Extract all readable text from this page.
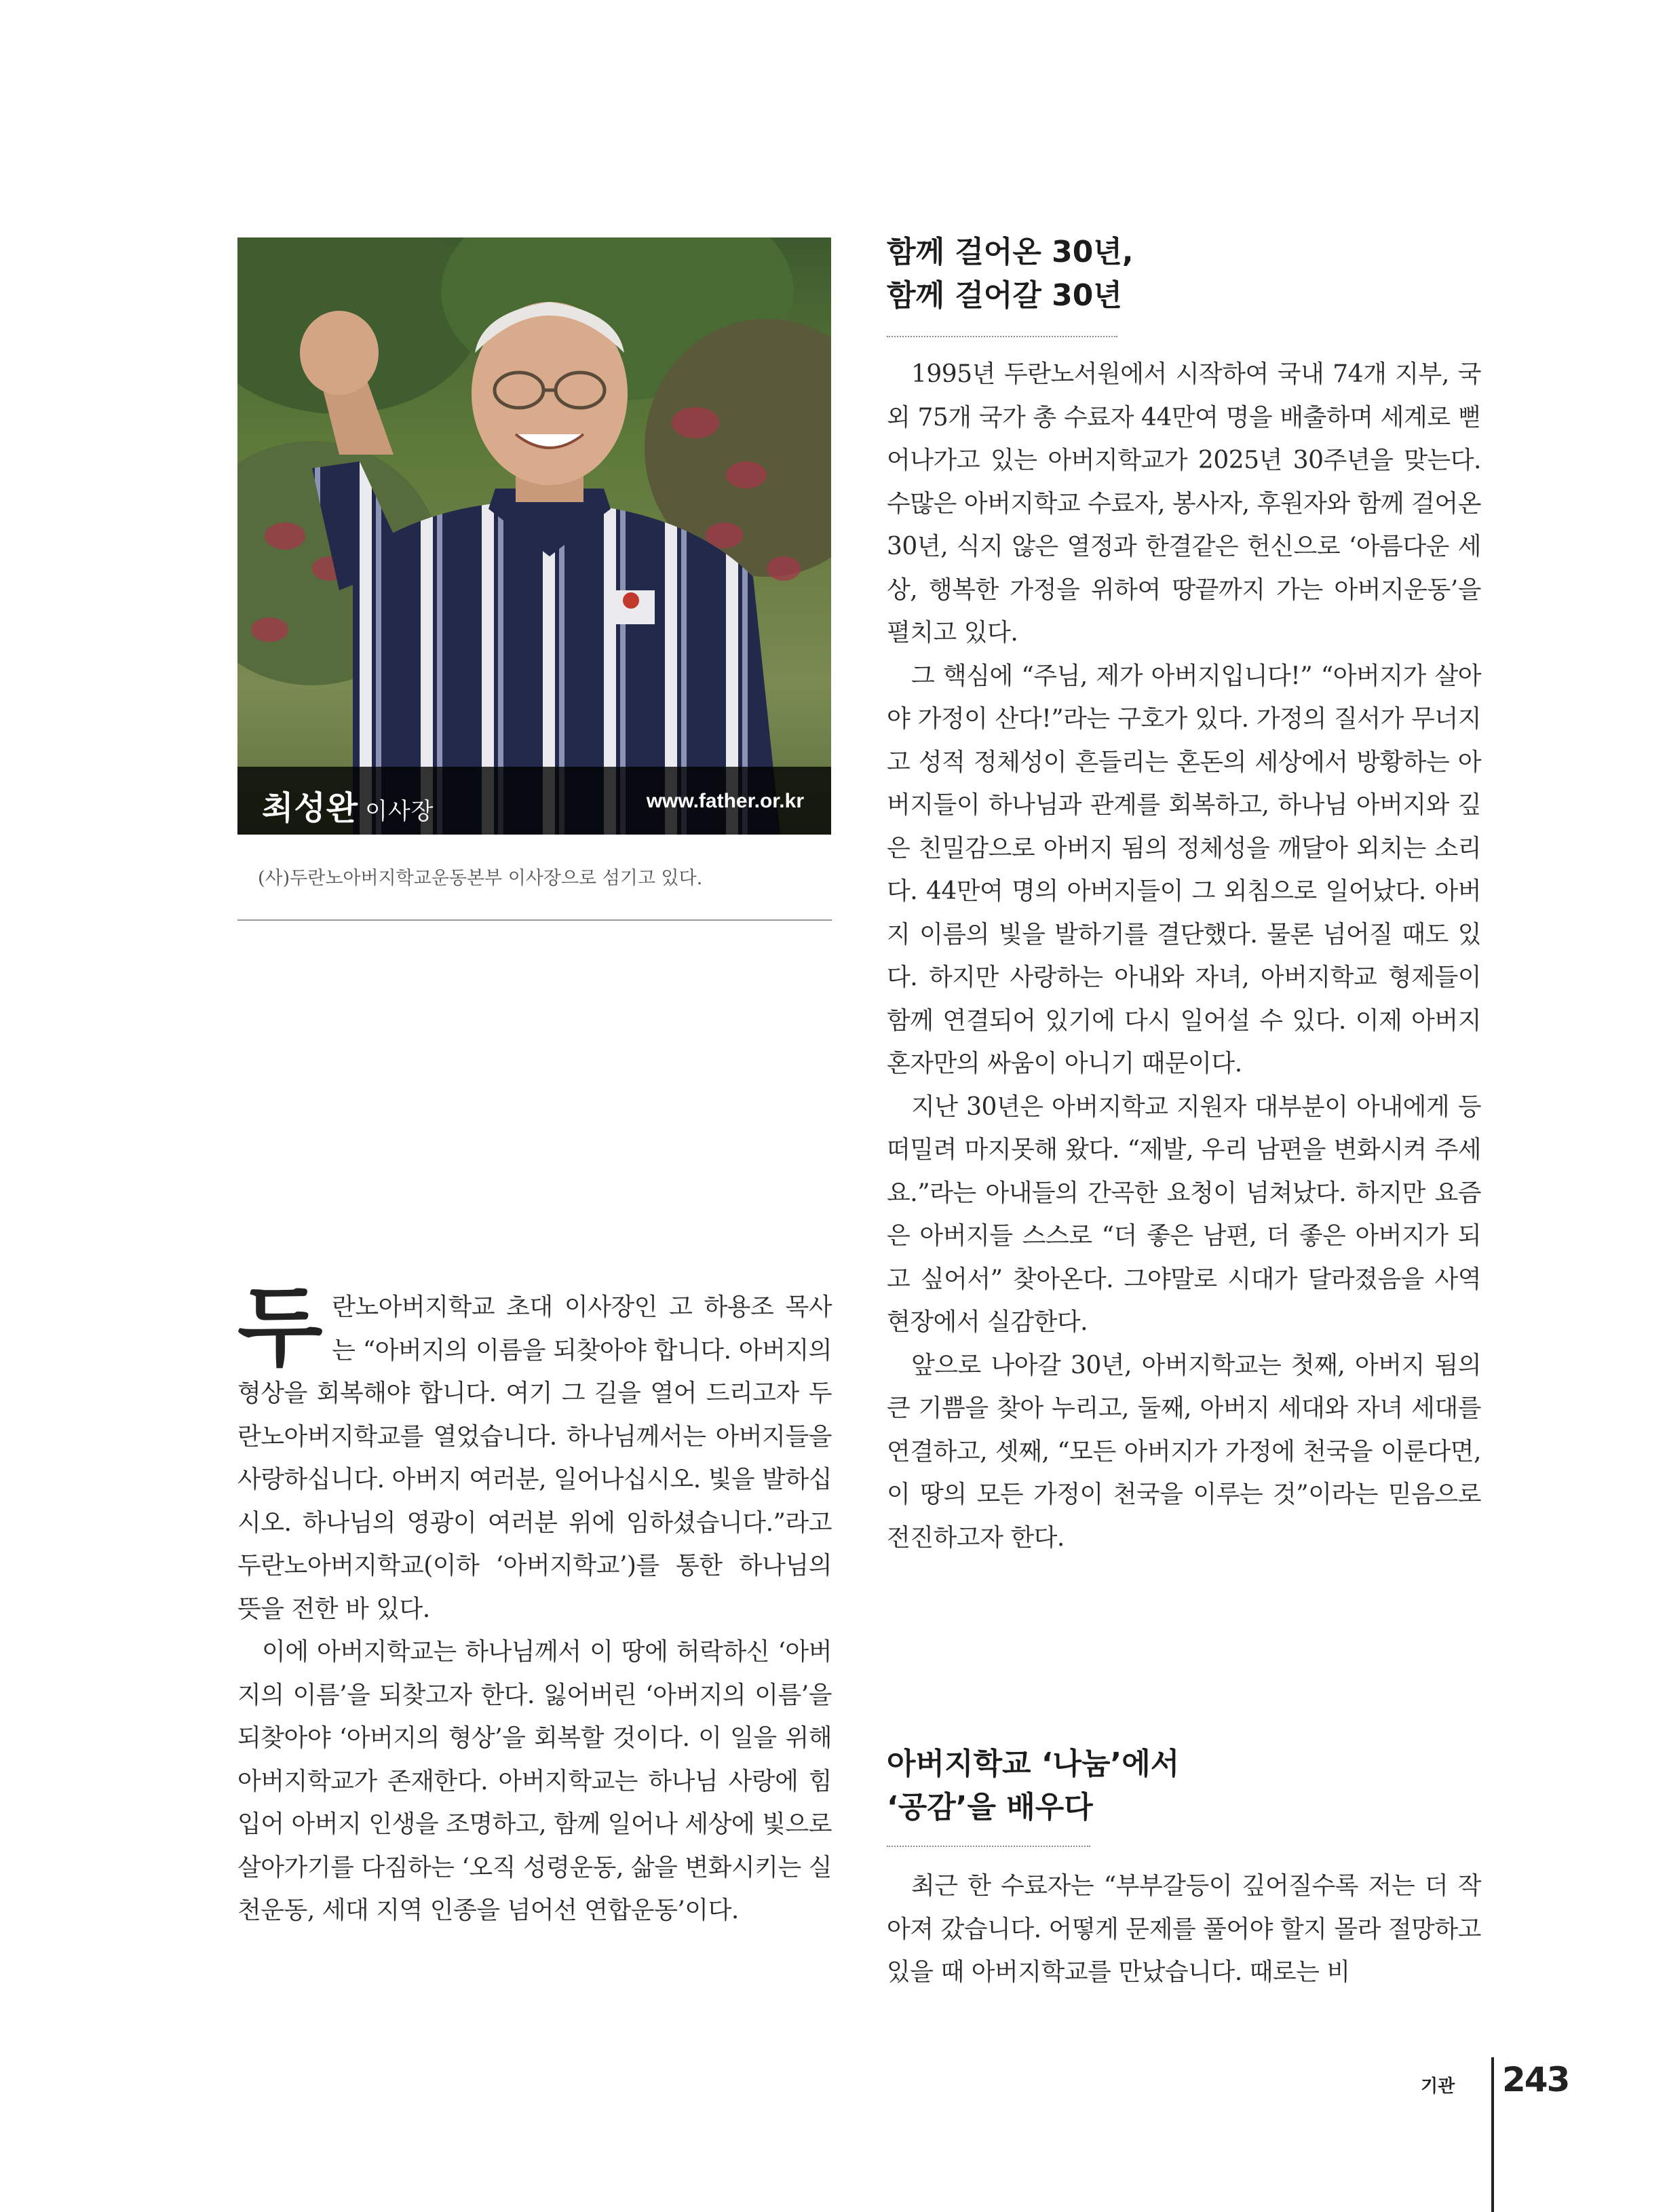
최성완 이사장	www.father.or.kr
(사)두란노아버지학교운동본부 이사장으로 섬기고 있다.
함께 걸어온 30년,
함께 걸어갈 30년

1995년 두란노서원에서 시작하여 국내 74개 지부, 국외 75개 국가 총 수료자 44만여 명을 배출하며 세계로 뻗어나가고 있는 아버지학교가 2025년 30주년을 맞는다. 수많은 아버지학교 수료자, 봉사자, 후원자와 함께 걸어온 30년, 식지 않은 열정과 한결같은 헌신으로 ‘아름다운 세상, 행복한 가정을 위하여 땅끝까지 가는 아버지운동’을 펼치고 있다.

그 핵심에 “주님, 제가 아버지입니다!” “아버지가 살아야 가정이 산다!”라는 구호가 있다. 가정의 질서가 무너지고 성적 정체성이 흔들리는 혼돈의 세상에서 방황하는 아버지들이 하나님과 관계를 회복하고, 하나님 아버지와 깊은 친밀감으로 아버지 됨의 정체성을 깨달아 외치는 소리다. 44만여 명의 아버지들이 그 외침으로 일어났다. 아버지 이름의 빛을 발하기를 결단했다. 물론 넘어질 때도 있다. 하지만 사랑하는 아내와 자녀, 아버지학교 형제들이 함께 연결되어 있기에 다시 일어설 수 있다. 이제 아버지 혼자만의 싸움이 아니기 때문이다.

지난 30년은 아버지학교 지원자 대부분이 아내에게 등 떠밀려 마지못해 왔다. “제발, 우리 남편을 변화시켜 주세요.”라는 아내들의 간곡한 요청이 넘쳐났다. 하지만 요즘은 아버지들 스스로 “더 좋은 남편, 더 좋은 아버지가 되고 싶어서” 찾아온다. 그야말로 시대가 달라졌음을 사역 현장에서 실감한다.

앞으로 나아갈 30년, 아버지학교는 첫째, 아버지 됨의 큰 기쁨을 찾아 누리고, 둘째, 아버지 세대와 자녀 세대를 연결하고, 셋째, “모든 아버지가 가정에 천국을 이룬다면, 이 땅의 모든 가정이 천국을 이루는 것”이라는 믿음으로 전진하고자 한다.

두란노아버지학교 초대 이사장인 고 하용조 목사는 “아버지의 이름을 되찾아야 합니다. 아버지의 형상을 회복해야 합니다. 여기 그 길을 열어 드리고자 두란노아버지학교를 열었습니다. 하나님께서는 아버지들을 사랑하십니다. 아버지 여러분, 일어나십시오. 빛을 발하십시오. 하나님의 영광이 여러분 위에 임하셨습니다.”라고 두란노아버지학교(이하 ‘아버지학교’)를 통한 하나님의 뜻을 전한 바 있다.

이에 아버지학교는 하나님께서 이 땅에 허락하신 ‘아버지의 이름’을 되찾고자 한다. 잃어버린 ‘아버지의 이름’을 되찾아야 ‘아버지의 형상’을 회복할 것이다. 이 일을 위해 아버지학교가 존재한다. 아버지학교는 하나님 사랑에 힘입어 아버지 인생을 조명하고, 함께 일어나 세상에 빛으로 살아가기를 다짐하는 ‘오직 성령운동, 삶을 변화시키는 실천운동, 세대 지역 인종을 넘어선 연합운동’이다.

아버지학교 ‘나눔’에서
‘공감’을 배우다

최근 한 수료자는 “부부갈등이 깊어질수록 저는 더 작아져 갔습니다. 어떻게 문제를 풀어야 할지 몰라 절망하고 있을 때 아버지학교를 만났습니다. 때로는 비

기관 243
